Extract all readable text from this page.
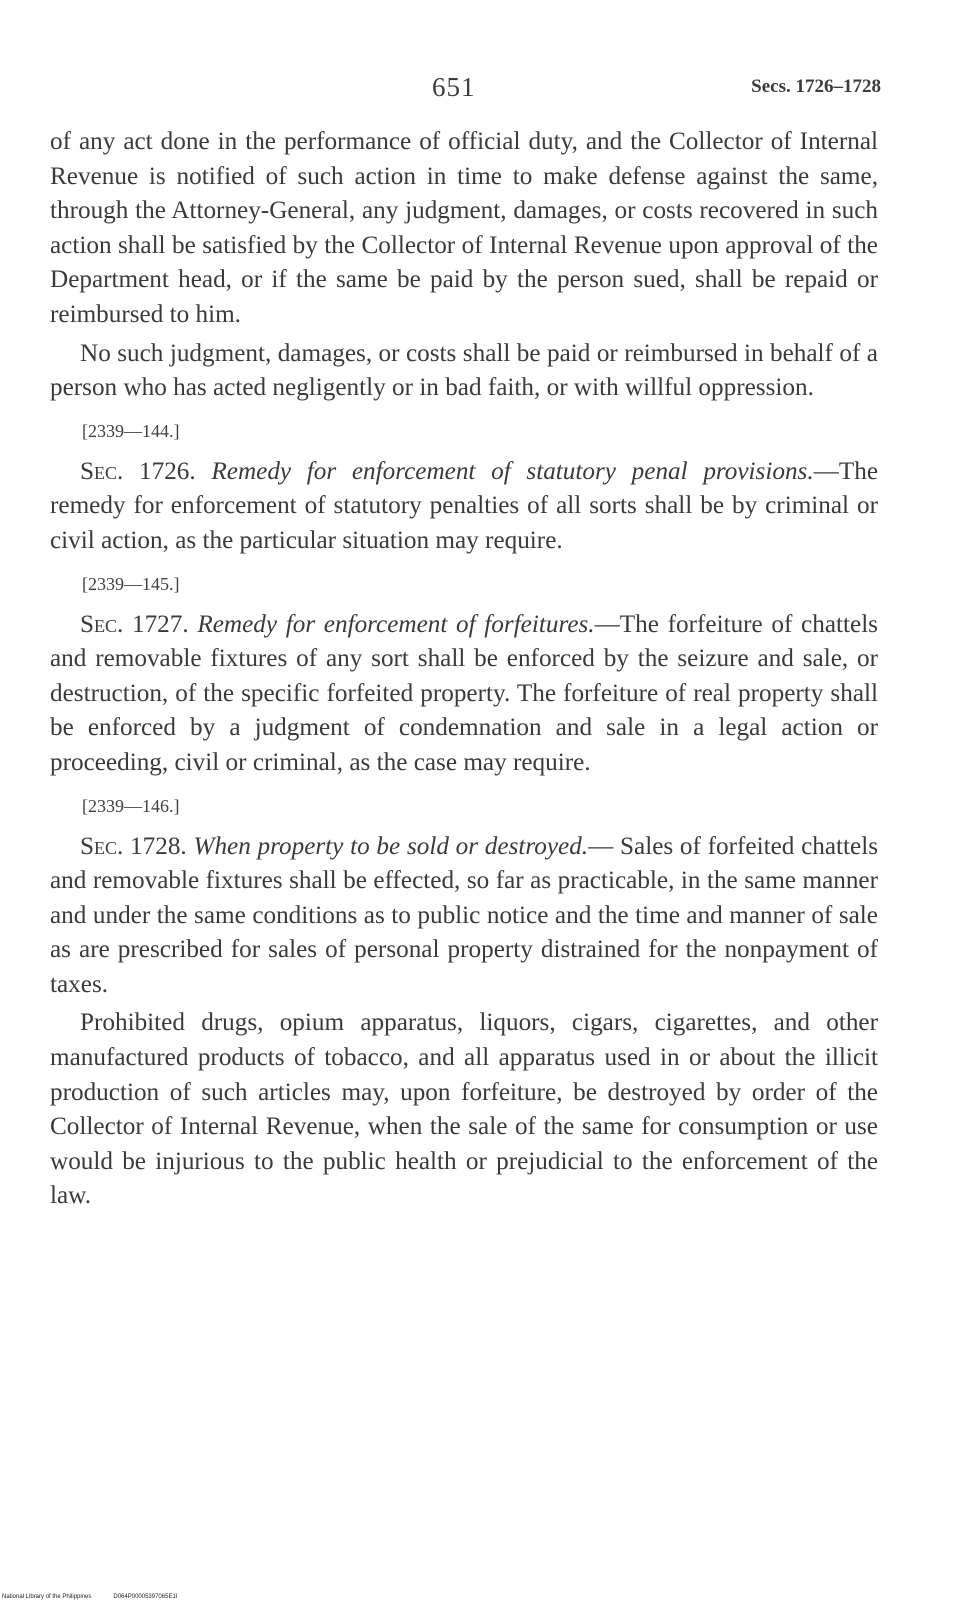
651	Secs. 1726–1728

of any act done in the performance of official duty, and the Collector of Internal Revenue is notified of such action in time to make defense against the same, through the Attorney-General, any judgment, damages, or costs recovered in such action shall be satisfied by the Collector of Internal Revenue upon approval of the Department head, or if the same be paid by the person sued, shall be repaid or reimbursed to him.

No such judgment, damages, or costs shall be paid or reimbursed in behalf of a person who has acted negligently or in bad faith, or with willful oppression.

[2339—144.]

Sec. 1726. Remedy for enforcement of statutory penal provisions.—The remedy for enforcement of statutory penalties of all sorts shall be by criminal or civil action, as the particular situation may require.

[2339—145.]

Sec. 1727. Remedy for enforcement of forfeitures.—The forfeiture of chattels and removable fixtures of any sort shall be enforced by the seizure and sale, or destruction, of the specific forfeited property. The forfeiture of real property shall be enforced by a judgment of condemnation and sale in a legal action or proceeding, civil or criminal, as the case may require.

[2339—146.]

Sec. 1728. When property to be sold or destroyed.— Sales of forfeited chattels and removable fixtures shall be effected, so far as practicable, in the same manner and under the same conditions as to public notice and the time and manner of sale as are prescribed for sales of personal property distrained for the nonpayment of taxes.

Prohibited drugs, opium apparatus, liquors, cigars, cigarettes, and other manufactured products of tobacco, and all apparatus used in or about the illicit production of such articles may, upon forfeiture, be destroyed by order of the Collector of Internal Revenue, when the sale of the same for consumption or use would be injurious to the public health or prejudicial to the enforcement of the law.

National Library of the Philippines	D064P00005397065E1I
